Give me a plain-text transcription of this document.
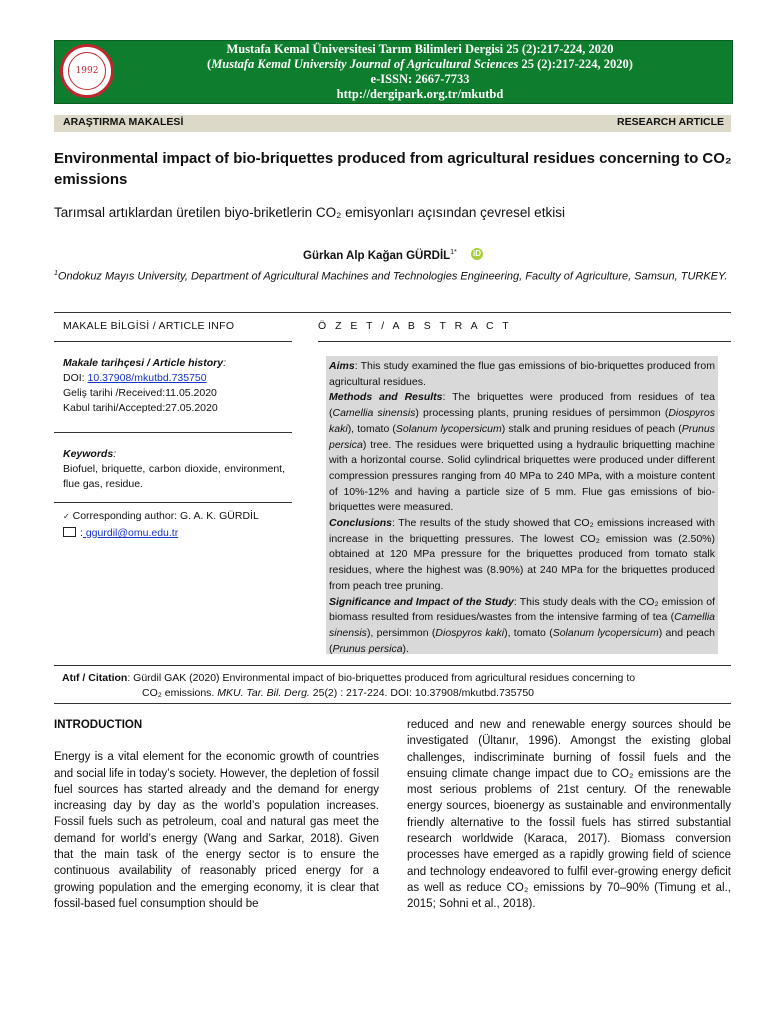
1992
Mustafa Kemal Üniversitesi Tarım Bilimleri Dergisi 25 (2):217-224, 2020
(Mustafa Kemal University Journal of Agricultural Sciences 25 (2):217-224, 2020)
e-ISSN: 2667-7733
http://dergipark.org.tr/mkutbd
ARAŞTIRMA MAKALESİ	RESEARCH ARTICLE
Environmental impact of bio-briquettes produced from agricultural residues concerning to CO₂ emissions
Tarımsal artıklardan üretilen biyo-briketlerin CO₂ emisyonları açısından çevresel etkisi
Gürkan Alp Kağan $GÜRDİL^{1*}$ iD
$^1$Ondokuz Mayıs University, Department of Agricultural Machines and Technologies Engineering, Faculty of Agriculture, Samsun, TURKEY.
MAKALE BİLGİSİ / ARTICLE INFO	Ö Z E T / A B S T R A C T
Makale tarihçesi / Article history:
DOI: 10.37908/mkutbd.735750
Geliş tarihi /Received:11.05.2020
Kabul tarihi/Accepted:27.05.2020
Keywords:
Biofuel, briquette, carbon dioxide, environment, flue gas, residue.
✓ Corresponding author: G. A. K. GÜRDİL
: ggurdil@omu.edu.tr
Aims: This study examined the flue gas emissions of bio-briquettes produced from agricultural residues.
Methods and Results: The briquettes were produced from residues of tea (Camellia sinensis) processing plants, pruning residues of persimmon (Diospyros kaki), tomato (Solanum lycopersicum) stalk and pruning residues of peach (Prunus persica) tree. The residues were briquetted using a hydraulic briquetting machine with a horizontal course. Solid cylindrical briquettes were produced under different compression pressures ranging from 40 MPa to 240 MPa, with a moisture content of 10%-12% and having a particle size of 5 mm. Flue gas emissions of bio-briquettes were measured.
Conclusions: The results of the study showed that CO₂ emissions increased with increase in the briquetting pressures. The lowest CO₂ emission was (2.50%) obtained at 120 MPa pressure for the briquettes produced from tomato stalk residues, where the highest was (8.90%) at 240 MPa for the briquettes produced from peach tree pruning.
Significance and Impact of the Study: This study deals with the CO₂ emission of biomass resulted from residues/wastes from the intensive farming of tea (Camellia sinensis), persimmon (Diospyros kaki), tomato (Solanum lycopersicum) and peach (Prunus persica).
Atıf / Citation: Gürdil GAK (2020) Environmental impact of bio-briquettes produced from agricultural residues concerning to
CO₂ emissions. MKU. Tar. Bil. Derg. 25(2) : 217-224. DOI: 10.37908/mkutbd.735750
INTRODUCTION
Energy is a vital element for the economic growth of countries and social life in today’s society. However, the depletion of fossil fuel sources has started already and the demand for energy increasing day by day as the world’s population increases. Fossil fuels such as petroleum, coal and natural gas meet the demand for world’s energy (Wang and Sarkar, 2018). Given that the main task of the energy sector is to ensure the continuous availability of reasonably priced energy for a growing population and the emerging economy, it is clear that fossil-based fuel consumption should be
reduced and new and renewable energy sources should be investigated (Ültanır, 1996). Amongst the existing global challenges, indiscriminate burning of fossil fuels and the ensuing climate change impact due to CO₂ emissions are the most serious problems of 21st century. Of the renewable energy sources, bioenergy as sustainable and environmentally friendly alternative to the fossil fuels has stirred substantial research worldwide (Karaca, 2017). Biomass conversion processes have emerged as a rapidly growing field of science and technology endeavored to fulfil ever-growing energy deficit as well as reduce CO₂ emissions by 70–90% (Timung et al., 2015; Sohni et al., 2018).
